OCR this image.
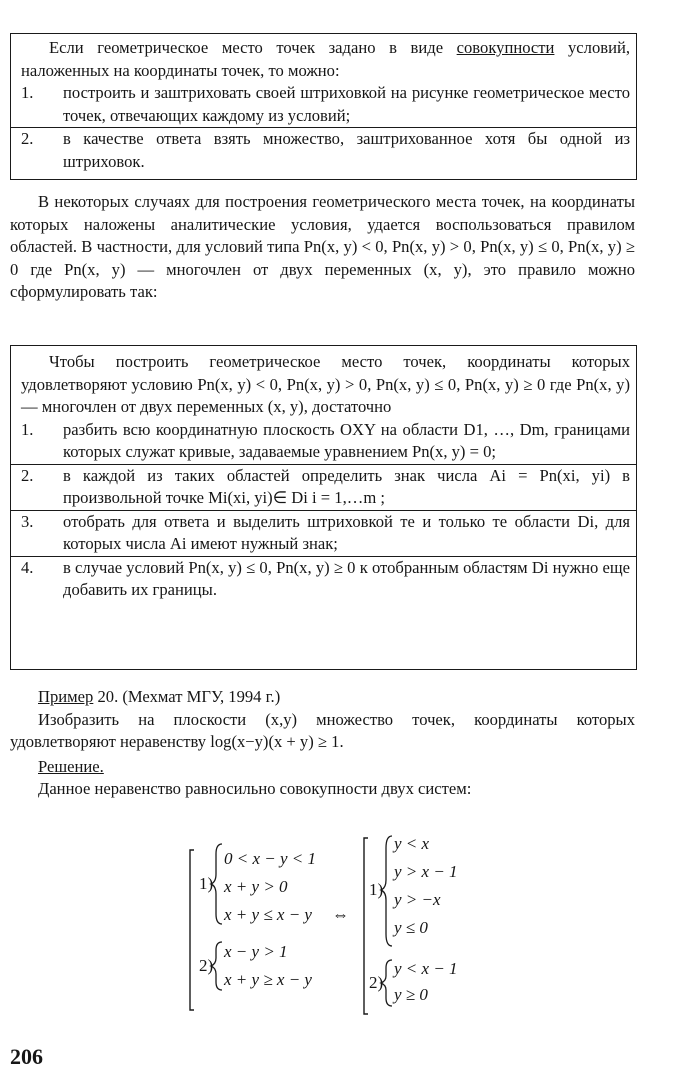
Если геометрическое место точек задано в виде совокупности условий, наложенных на координаты точек, то можно:
1.	построить и заштриховать своей штриховкой на рисунке геометрическое место точек, отвечающих каждому из условий;
2.	в качестве ответа взять множество, заштрихованное хотя бы одной из штриховок.
В некоторых случаях для построения геометрического места точек, на координаты которых наложены аналитические условия, удается воспользоваться правилом областей. В частности, для условий типа Pn(x, y) < 0, Pn(x, y) > 0, Pn(x, y) ≤ 0, Pn(x, y) ≥ 0 где Pn(x, y) — многочлен от двух переменных (x, y), это правило можно сформулировать так:
Чтобы построить геометрическое место точек, координаты которых удовлетворяют условию Pn(x, y) < 0, Pn(x, y) > 0, Pn(x, y) ≤ 0, Pn(x, y) ≥ 0 где Pn(x, y) — многочлен от двух переменных (x, y), достаточно
1.	разбить всю координатную плоскость OXY на области D1, …, Dm, границами которых служат кривые, задаваемые уравнением Pn(x, y) = 0;
2.	в каждой из таких областей определить знак числа Ai = Pn(xi, yi) в произвольной точке Mi(xi, yi)∈ Di i = 1,…m ;
3.	отобрать для ответа и выделить штриховкой те и только те области Di, для которых числа Ai имеют нужный знак;
4.	в случае условий Pn(x, y) ≤ 0, Pn(x, y) ≥ 0 к отобранным областям Di нужно еще добавить их границы.
Пример 20. (Мехмат МГУ, 1994 г.)
Изобразить на плоскости (x,y) множество точек, координаты которых удовлетворяют неравенству log(x−y)(x + y) ≥ 1.
Решение.
Данное неравенство равносильно совокупности двух систем:
1)
0 < x − y < 1
x + y > 0
x + y ≤ x − y
2)
x − y > 1
x + y ≥ x − y
⇔
1)
y < x
y > x − 1
y > −x
y ≤ 0
2)
y < x − 1
y ≥ 0
206
